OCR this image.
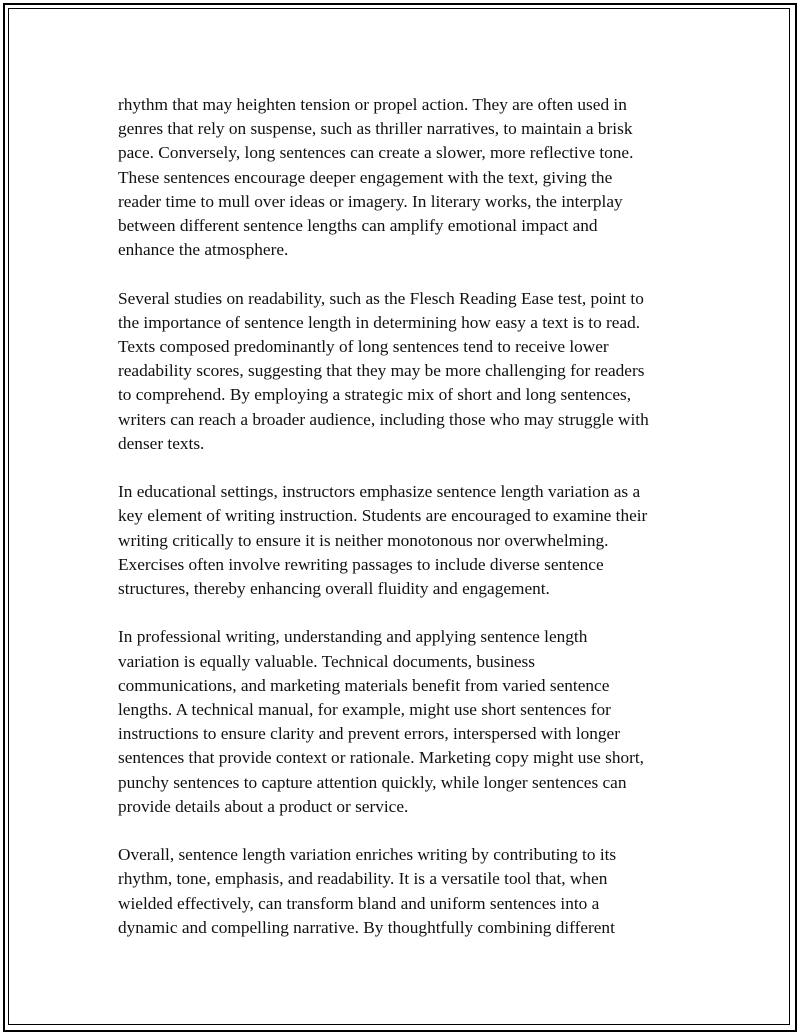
rhythm that may heighten tension or propel action. They are often used in
genres that rely on suspense, such as thriller narratives, to maintain a brisk
pace. Conversely, long sentences can create a slower, more reflective tone.
These sentences encourage deeper engagement with the text, giving the
reader time to mull over ideas or imagery. In literary works, the interplay
between different sentence lengths can amplify emotional impact and
enhance the atmosphere.

Several studies on readability, such as the Flesch Reading Ease test, point to
the importance of sentence length in determining how easy a text is to read.
Texts composed predominantly of long sentences tend to receive lower
readability scores, suggesting that they may be more challenging for readers
to comprehend. By employing a strategic mix of short and long sentences,
writers can reach a broader audience, including those who may struggle with
denser texts.

In educational settings, instructors emphasize sentence length variation as a
key element of writing instruction. Students are encouraged to examine their
writing critically to ensure it is neither monotonous nor overwhelming.
Exercises often involve rewriting passages to include diverse sentence
structures, thereby enhancing overall fluidity and engagement.

In professional writing, understanding and applying sentence length
variation is equally valuable. Technical documents, business
communications, and marketing materials benefit from varied sentence
lengths. A technical manual, for example, might use short sentences for
instructions to ensure clarity and prevent errors, interspersed with longer
sentences that provide context or rationale. Marketing copy might use short,
punchy sentences to capture attention quickly, while longer sentences can
provide details about a product or service.

Overall, sentence length variation enriches writing by contributing to its
rhythm, tone, emphasis, and readability. It is a versatile tool that, when
wielded effectively, can transform bland and uniform sentences into a
dynamic and compelling narrative. By thoughtfully combining different
